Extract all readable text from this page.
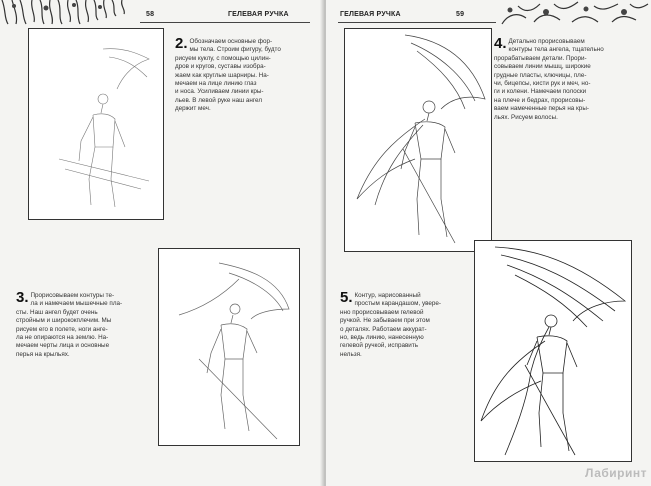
58	ГЕЛЕВАЯ РУЧКА
2. Обозначаем основные фор-
мы тела. Строим фигуру, будто
рисуем куклу, с помощью цилин-
дров и кругов, суставы изобра-
жаем как круглые шарниры. На-
мечаем на лице линию глаз
и носа. Усиливаем линии кры-
льев. В левой руке наш ангел
держит меч.
3. Прорисовываем контуры те-
ла и намечаем мышечные пла-
сты. Наш ангел будет очень
стройным и ширококплечим. Мы
рисуем его в полете, ноги анге-
ла не опираются на землю. На-
мечаем черты лица и основные
перья на крыльях.
ГЕЛЕВАЯ РУЧКА	59
4. Детально прорисовываем
контуры тела ангела, тщательно
прорабатываем детали. Прори-
совываем линии мышц, широкие
грудные пласты, ключицы, пле-
чи, бицепсы, кисти рук и меч, но-
ги и колени. Намечаем полоски
на плече и бедрах, прорисовы-
ваем намеченные перья на кры-
льях. Рисуем волосы.
5. Контур, нарисованный
простым карандашом, увере-
нно прорисовываем гелевой
ручкой. Не забываем при этом
о деталях. Работаем аккурат-
но, ведь линию, нанесенную
гелевой ручкой, исправить
нельзя.
Лабиринт
